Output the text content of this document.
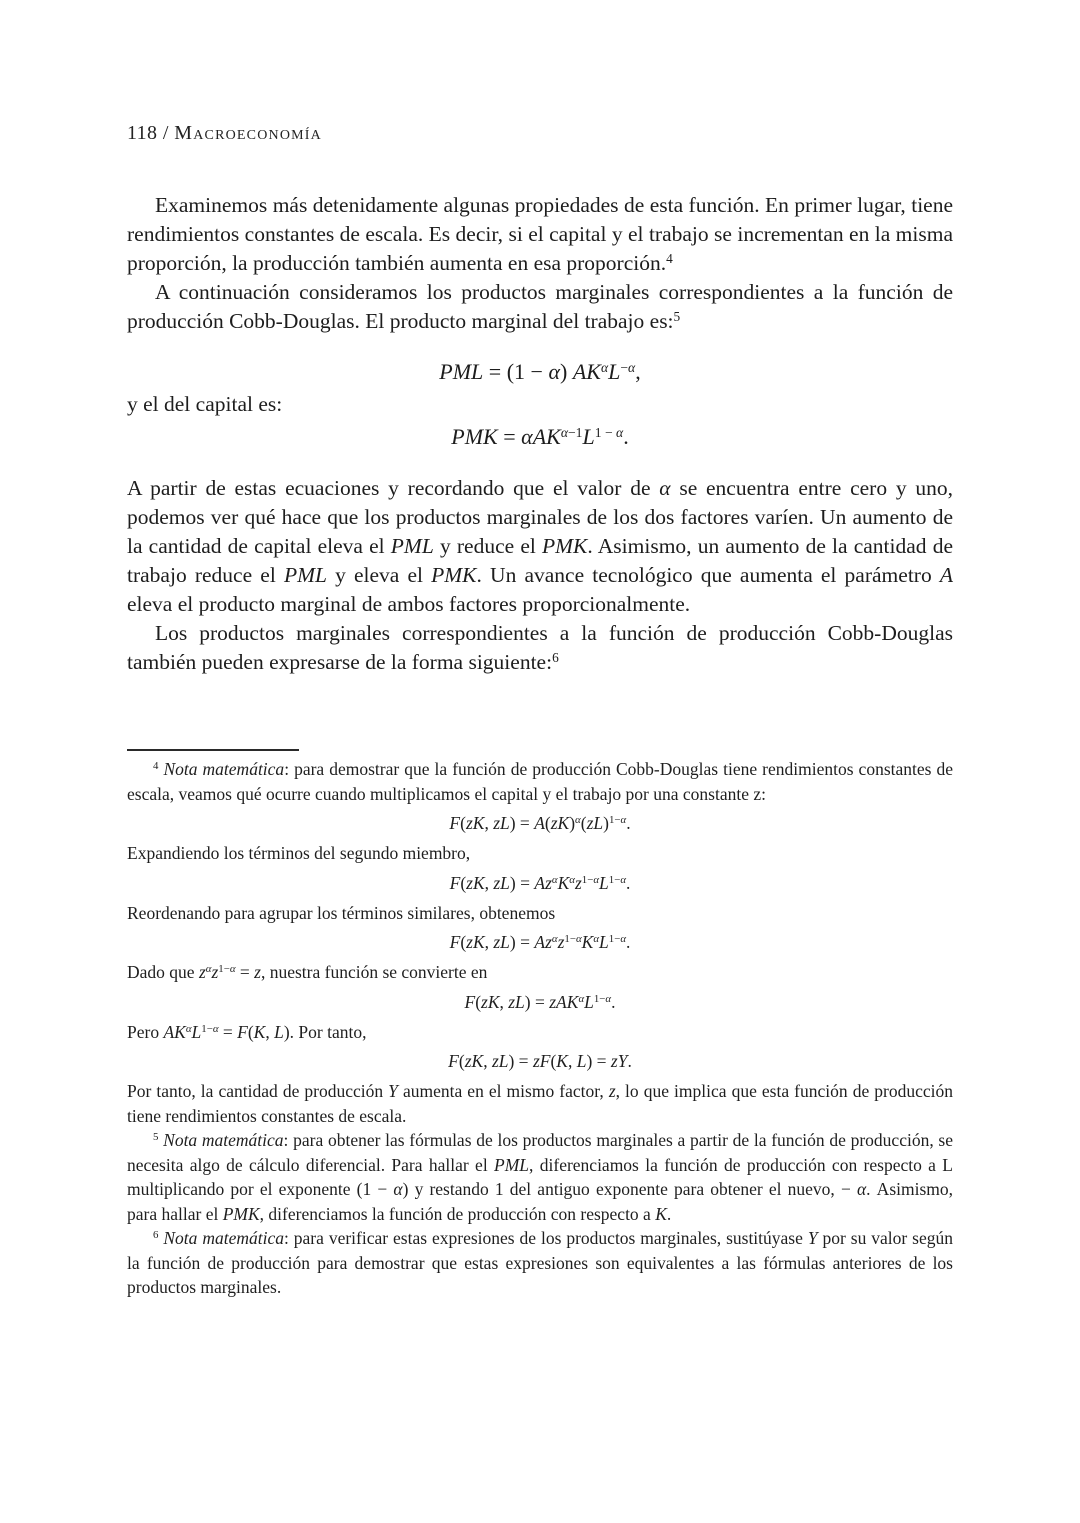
118 / Macroeconomía

Examinemos más detenidamente algunas propiedades de esta función. En primer lugar, tiene rendimientos constantes de escala. Es decir, si el capital y el trabajo se incrementan en la misma proporción, la producción también aumenta en esa proporción.$^4$

A continuación consideramos los productos marginales correspondientes a la función de producción Cobb-Douglas. El producto marginal del trabajo es:$^5$

PML = (1 − α) $AK^\alpha L^{-\alpha}$,

y el del capital es:

PMK = $\alpha AK^{\alpha-1}L^{1 - \alpha}$.

A partir de estas ecuaciones y recordando que el valor de α se encuentra entre cero y uno, podemos ver qué hace que los productos marginales de los dos factores varíen. Un aumento de la cantidad de capital eleva el PML y reduce el PMK. Asimismo, un aumento de la cantidad de trabajo reduce el PML y eleva el PMK. Un avance tecnológico que aumenta el parámetro A eleva el producto marginal de ambos factores proporcionalmente.

Los productos marginales correspondientes a la función de producción Cobb-Douglas también pueden expresarse de la forma siguiente:$^6$

$^4$ Nota matemática: para demostrar que la función de producción Cobb-Douglas tiene rendimientos constantes de escala, veamos qué ocurre cuando multiplicamos el capital y el trabajo por una constante z:

F(zK, zL) = A(zK)$^\alpha$(zL)$^{1-\alpha}$.

Expandiendo los términos del segundo miembro,

F(zK, $zL) = Az^\alpha K^\alpha z^{1-\alpha}L^{1-\alpha}$.

Reordenando para agrupar los términos similares, obtenemos

F(zK, $zL) = Az^\alpha z^{1-\alpha}K^\alpha L^{1-\alpha}$.

Dado que $z^\alpha z^{1-\alpha} = z$, nuestra función se convierte en

F(zK, $zL) = zAK^\alpha L^{1-\alpha}$.

Pero $AK^\alpha L^{1-\alpha} = F(K$, L). Por tanto,

F(zK, zL) = zF(K, L) = zY.

Por tanto, la cantidad de producción Y aumenta en el mismo factor, z, lo que implica que esta función de producción tiene rendimientos constantes de escala.

$^5$ Nota matemática: para obtener las fórmulas de los productos marginales a partir de la función de producción, se necesita algo de cálculo diferencial. Para hallar el PML, diferenciamos la función de producción con respecto a L multiplicando por el exponente (1 − α) y restando 1 del antiguo exponente para obtener el nuevo, − α. Asimismo, para hallar el PMK, diferenciamos la función de producción con respecto a K.

$^6$ Nota matemática: para verificar estas expresiones de los productos marginales, sustitúyase Y por su valor según la función de producción para demostrar que estas expresiones son equivalentes a las fórmulas anteriores de los productos marginales.
